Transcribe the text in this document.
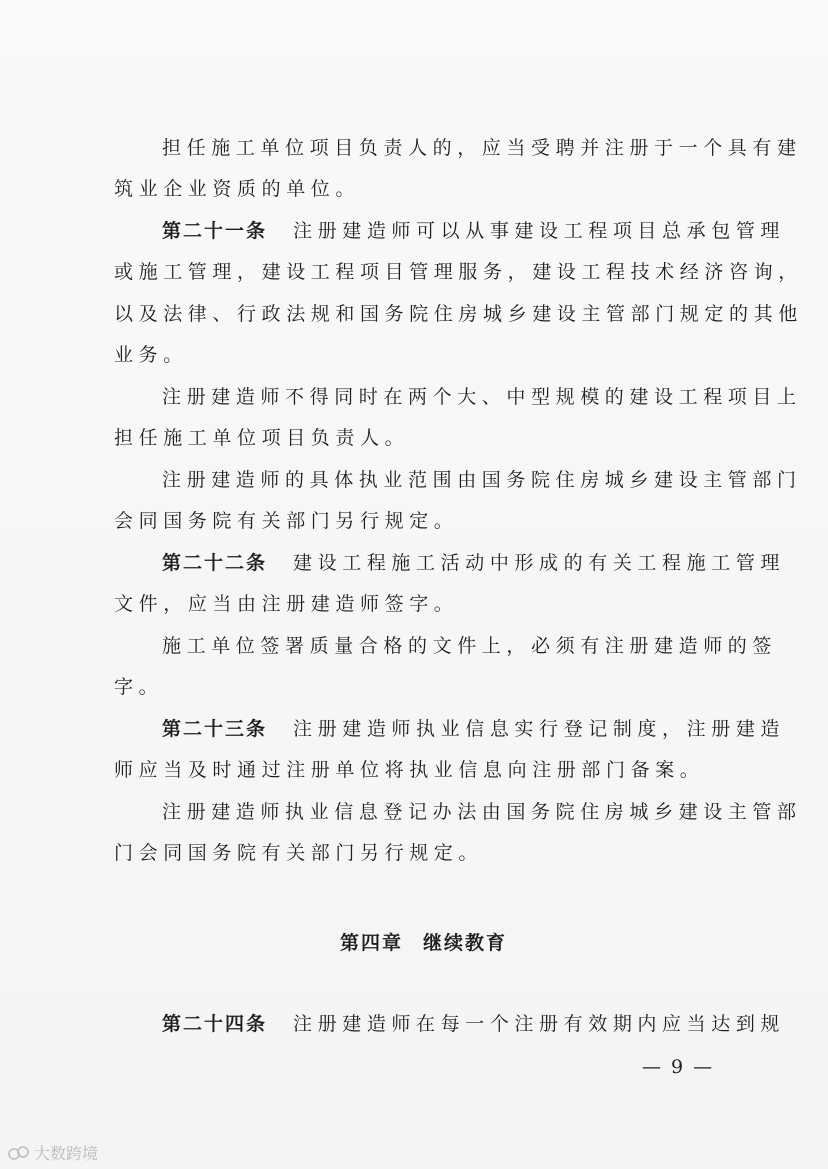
担任施工单位项目负责人的，应当受聘并注册于一个具有建
筑业企业资质的单位。
第二十一条 注册建造师可以从事建设工程项目总承包管理
或施工管理，建设工程项目管理服务，建设工程技术经济咨询，
以及法律、行政法规和国务院住房城乡建设主管部门规定的其他
业务。
注册建造师不得同时在两个大、中型规模的建设工程项目上
担任施工单位项目负责人。
注册建造师的具体执业范围由国务院住房城乡建设主管部门
会同国务院有关部门另行规定。
第二十二条 建设工程施工活动中形成的有关工程施工管理
文件，应当由注册建造师签字。
施工单位签署质量合格的文件上，必须有注册建造师的签
字。
第二十三条 注册建造师执业信息实行登记制度，注册建造
师应当及时通过注册单位将执业信息向注册部门备案。
注册建造师执业信息登记办法由国务院住房城乡建设主管部
门会同国务院有关部门另行规定。
第四章 继续教育
第二十四条 注册建造师在每一个注册有效期内应当达到规
— 9 —
大数跨境
